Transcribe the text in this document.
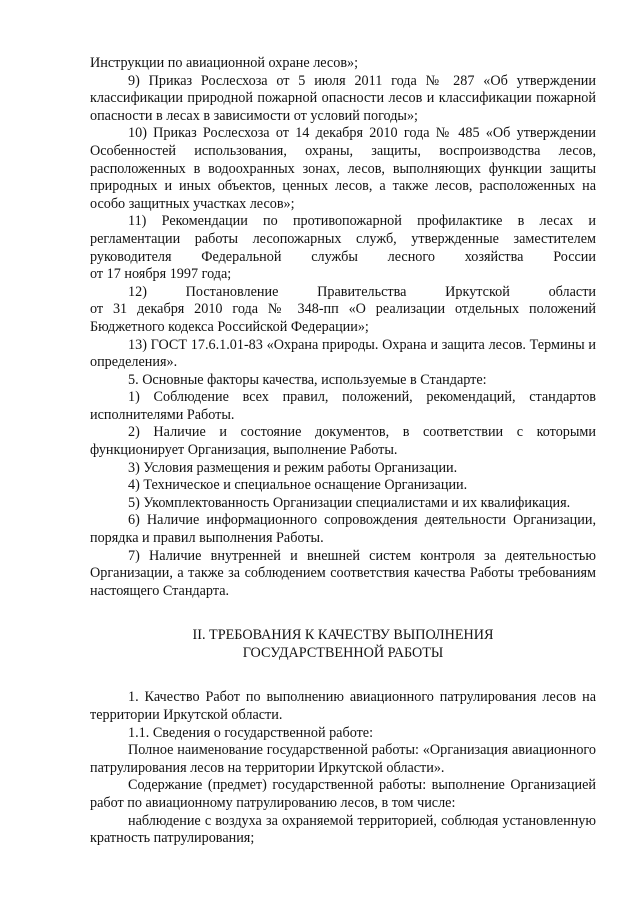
Инструкции по авиационной охране лесов»;

9) Приказ Рослесхоза от 5 июля 2011 года № 287 «Об утверждении классификации природной пожарной опасности лесов и классификации пожарной опасности в лесах в зависимости от условий погоды»;

10) Приказ Рослесхоза от 14 декабря 2010 года № 485 «Об утверждении Особенностей использования, охраны, защиты, воспроизводства лесов, расположенных в водоохранных зонах, лесов, выполняющих функции защиты природных и иных объектов, ценных лесов, а также лесов, расположенных на особо защитных участках лесов»;

11) Рекомендации по противопожарной профилактике в лесах и регламентации работы лесопожарных служб, утвержденные заместителем руководителя Федеральной службы лесного хозяйства России

от 17 ноября 1997 года;

12) Постановление Правительства Иркутской области

от 31 декабря 2010 года № 348-пп «О реализации отдельных положений Бюджетного кодекса Российской Федерации»;

13) ГОСТ 17.6.1.01-83 «Охрана природы. Охрана и защита лесов. Термины и определения».

5. Основные факторы качества, используемые в Стандарте:

1) Соблюдение всех правил, положений, рекомендаций, стандартов исполнителями Работы.

2) Наличие и состояние документов, в соответствии с которыми функционирует Организация, выполнение Работы.

3) Условия размещения и режим работы Организации.

4) Техническое и специальное оснащение Организации.

5) Укомплектованность Организации специалистами и их квалификация.

6) Наличие информационного сопровождения деятельности Организации, порядка и правил выполнения Работы.

7) Наличие внутренней и внешней систем контроля за деятельностью Организации, а также за соблюдением соответствия качества Работы требованиям настоящего Стандарта.

II. ТРЕБОВАНИЯ К КАЧЕСТВУ ВЫПОЛНЕНИЯ
ГОСУДАРСТВЕННОЙ РАБОТЫ

1. Качество Работ по выполнению авиационного патрулирования лесов на территории Иркутской области.

1.1. Сведения о государственной работе:

Полное наименование государственной работы: «Организация авиационного патрулирования лесов на территории Иркутской области».

Содержание (предмет) государственной работы: выполнение Организацией работ по авиационному патрулированию лесов, в том числе:

наблюдение с воздуха за охраняемой территорией, соблюдая установленную кратность патрулирования;
